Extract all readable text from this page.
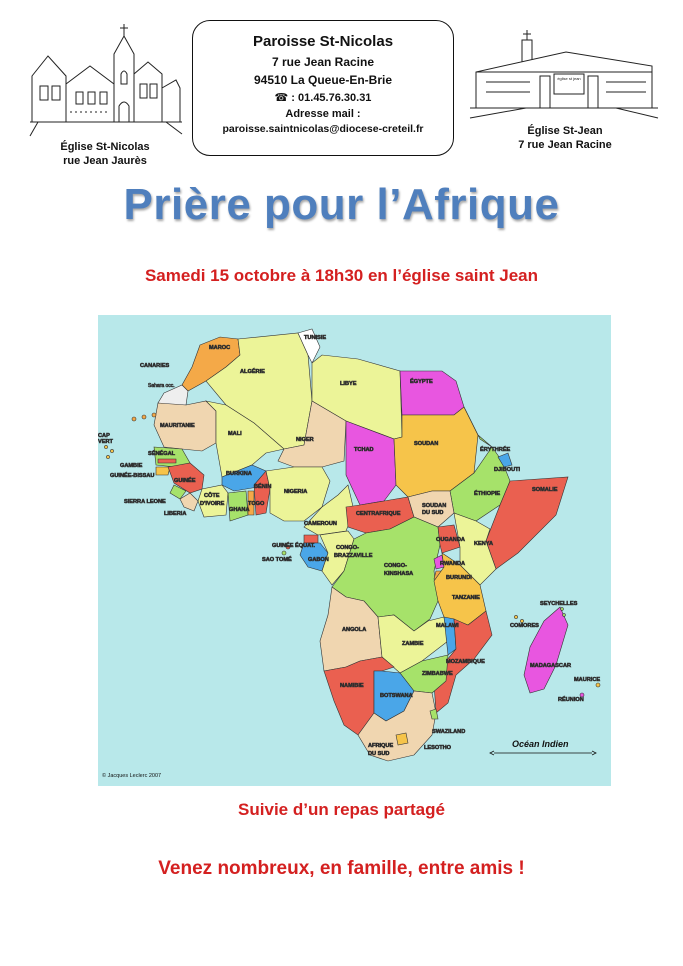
Église St-Nicolas
rue Jean Jaurès
Paroisse St-Nicolas
7 rue Jean Racine
94510 La Queue-En-Brie
☎ : 01.45.76.30.31
Adresse mail :
paroisse.saintnicolas@diocese-creteil.fr
église st jean
Église St-Jean
7 rue Jean Racine
Prière pour l’Afrique
Samedi 15 octobre à 18h30 en l’église saint Jean
MAROC
ALGÉRIE
TUNISIE
LIBYE	ÉGYPTE
CANARIES
Sahara occ.
MAURITANIE
MALI
NIGER
TCHAD
SOUDAN
ÉRYTHRÉE
DJIBOUTI
CAP
VERT
SÉNÉGAL
GAMBIE
GUINÉE-BISSAU
GUINÉE
SIERRA LEONE
LIBERIA
CÔTE
D'IVOIRE
BURKINA
GHANA
TOGO
BÉNIN
NIGERIA
CAMEROUN
CENTRAFRIQUE
SOUDAN
DU SUD
ÉTHIOPIE
SOMALIE
GUINÉE ÉQUAT.
SAO TOMÉ	GABON
CONGO-
BRAZZAVILLE
CONGO-
KINSHASA
OUGANDA
KENYA
RWANDA
BURUNDI
TANZANIE
SEYCHELLES
ANGOLA
MALAWI	COMORES
ZAMBIE
MOZAMBIQUE
MADAGASCAR
ZIMBABWE
MAURICE
RÉUNION
NAMIBIE
BOTSWANA
SWAZILAND
AFRIQUE
DU SUD
LESOTHO	Océan Indien
© Jacques Leclerc 2007
Suivie d’un repas partagé
Venez nombreux, en famille, entre amis !
